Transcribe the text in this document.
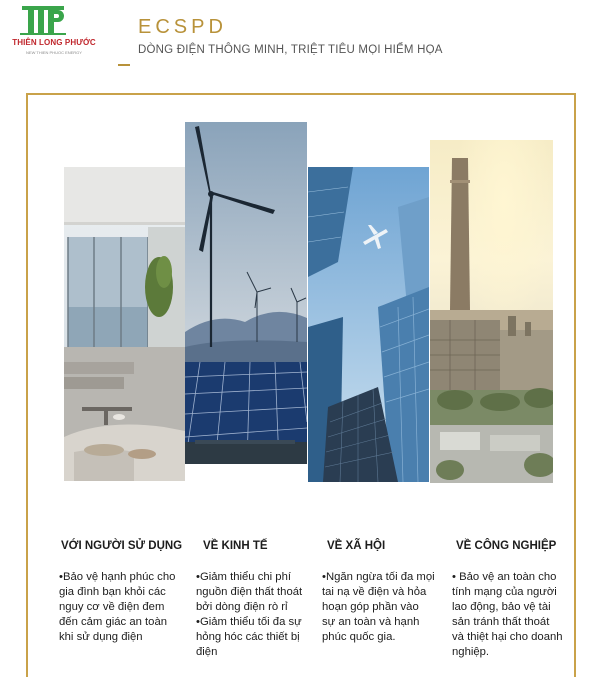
THIÊN LONG PHƯỚC
NEW THIEN PHUOC ENERGY
ECSPD
DÒNG ĐIỆN THÔNG MINH, TRIỆT TIÊU MỌI HIỂM HỌA
VỚI NGƯỜI SỬ DỤNG

•Bảo vệ hạnh phúc cho

gia đình bạn khỏi các

nguy cơ về điện đem

đến cảm giác an toàn

khi sử dụng điện

VỀ KINH TẾ

•Giảm thiểu chi phí

nguồn điện thất thoát

bởi dòng điện rò rỉ

•Giảm thiểu tối đa sự

hỏng hóc các thiết bị

điện

VỀ XÃ HỘI

•Ngăn ngừa tối đa mọi

tai nạ về điện và hỏa

hoạn góp phần vào

sự an toàn và hạnh

phúc quốc gia.

VỀ CÔNG NGHIỆP

• Bảo vệ an toàn cho

tính mạng của người

lao động, bảo vệ tài

sản tránh thất thoát

và thiệt hại cho doanh

nghiệp.
